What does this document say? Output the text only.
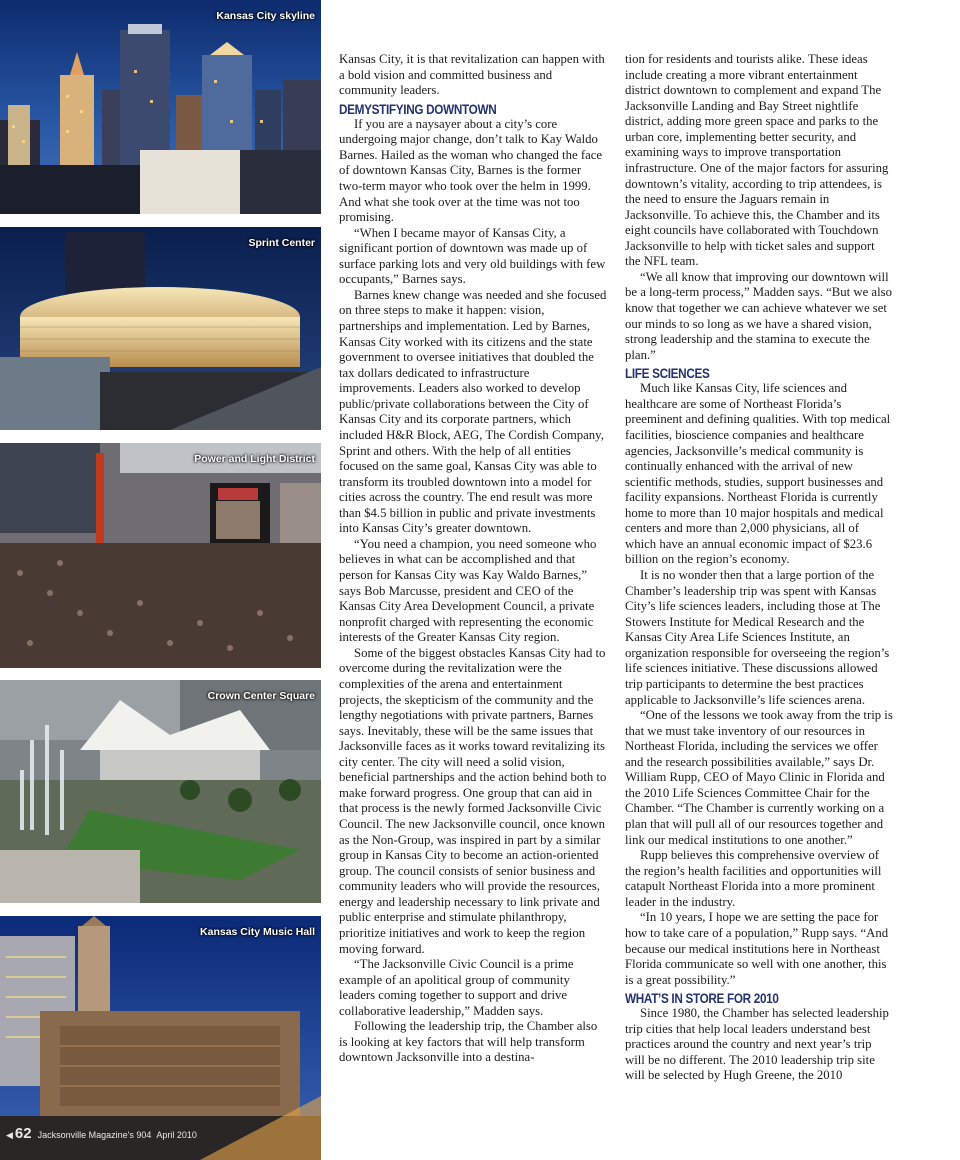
Kansas City skyline
Sprint Center
Power and Light District
Crown Center Square
Kansas City Music Hall
◀ 62 Jacksonville Magazine's 904 April 2010

Kansas City, it is that revitalization can happen with a bold vision and committed business and community leaders.

DEMYSTIFYING DOWNTOWN

If you are a naysayer about a city’s core undergoing major change, don’t talk to Kay Waldo Barnes. Hailed as the woman who changed the face of downtown Kansas City, Barnes is the former two-term mayor who took over the helm in 1999. And what she took over at the time was not too promising.

“When I became mayor of Kansas City, a significant portion of downtown was made up of surface parking lots and very old buildings with few occupants,” Barnes says.

Barnes knew change was needed and she focused on three steps to make it happen: vision, partnerships and implementation. Led by Barnes, Kansas City worked with its citizens and the state government to oversee initiatives that doubled the tax dollars dedicated to infrastructure improvements. Leaders also worked to develop public/private collaborations between the City of Kansas City and its corporate partners, which included H&R Block, AEG, The Cordish Company, Sprint and others. With the help of all entities focused on the same goal, Kansas City was able to transform its troubled downtown into a model for cities across the country. The end result was more than $4.5 billion in public and private investments into Kansas City’s greater downtown.

“You need a champion, you need someone who believes in what can be accomplished and that person for Kansas City was Kay Waldo Barnes,” says Bob Marcusse, president and CEO of the Kansas City Area Development Council, a private nonprofit charged with representing the economic interests of the Greater Kansas City region.

Some of the biggest obstacles Kansas City had to overcome during the revitalization were the complexities of the arena and entertainment projects, the skepticism of the community and the lengthy negotiations with private partners, Barnes says. Inevitably, these will be the same issues that Jacksonville faces as it works toward revitalizing its city center. The city will need a solid vision, beneficial partnerships and the action behind both to make forward progress. One group that can aid in that process is the newly formed Jacksonville Civic Council. The new Jacksonville council, once known as the Non-Group, was inspired in part by a similar group in Kansas City to become an action-oriented group. The council consists of senior business and community leaders who will provide the resources, energy and leadership necessary to link private and public enterprise and stimulate philanthropy, prioritize initiatives and work to keep the region moving forward.

“The Jacksonville Civic Council is a prime example of an apolitical group of community leaders coming together to support and drive collaborative leadership,” Madden says.

Following the leadership trip, the Chamber also is looking at key factors that will help transform downtown Jacksonville into a destina-

tion for residents and tourists alike. These ideas include creating a more vibrant entertainment district downtown to complement and expand The Jacksonville Landing and Bay Street nightlife district, adding more green space and parks to the urban core, implementing better security, and examining ways to improve transportation infrastructure. One of the major factors for assuring downtown’s vitality, according to trip attendees, is the need to ensure the Jaguars remain in Jacksonville. To achieve this, the Chamber and its eight councils have collaborated with Touchdown Jacksonville to help with ticket sales and support the NFL team.

“We all know that improving our downtown will be a long-term process,” Madden says. “But we also know that together we can achieve whatever we set our minds to so long as we have a shared vision, strong leadership and the stamina to execute the plan.”

LIFE SCIENCES

Much like Kansas City, life sciences and healthcare are some of Northeast Florida’s preeminent and defining qualities. With top medical facilities, bioscience companies and healthcare agencies, Jacksonville’s medical community is continually enhanced with the arrival of new scientific methods, studies, support businesses and facility expansions. Northeast Florida is currently home to more than 10 major hospitals and medical centers and more than 2,000 physicians, all of which have an annual economic impact of $23.6 billion on the region’s economy.

It is no wonder then that a large portion of the Chamber’s leadership trip was spent with Kansas City’s life sciences leaders, including those at The Stowers Institute for Medical Research and the Kansas City Area Life Sciences Institute, an organization responsible for overseeing the region’s life sciences initiative. These discussions allowed trip participants to determine the best practices applicable to Jacksonville’s life sciences arena.

“One of the lessons we took away from the trip is that we must take inventory of our resources in Northeast Florida, including the services we offer and the research possibilities available,” says Dr. William Rupp, CEO of Mayo Clinic in Florida and the 2010 Life Sciences Committee Chair for the Chamber. “The Chamber is currently working on a plan that will pull all of our resources together and link our medical institutions to one another.”

Rupp believes this comprehensive overview of the region’s health facilities and opportunities will catapult Northeast Florida into a more prominent leader in the industry.

“In 10 years, I hope we are setting the pace for how to take care of a population,” Rupp says. “And because our medical institutions here in Northeast Florida communicate so well with one another, this is a great possibility.”

WHAT’S IN STORE FOR 2010

Since 1980, the Chamber has selected leadership trip cities that help local leaders understand best practices around the country and next year’s trip will be no different. The 2010 leadership trip site will be selected by Hugh Greene, the 2010
